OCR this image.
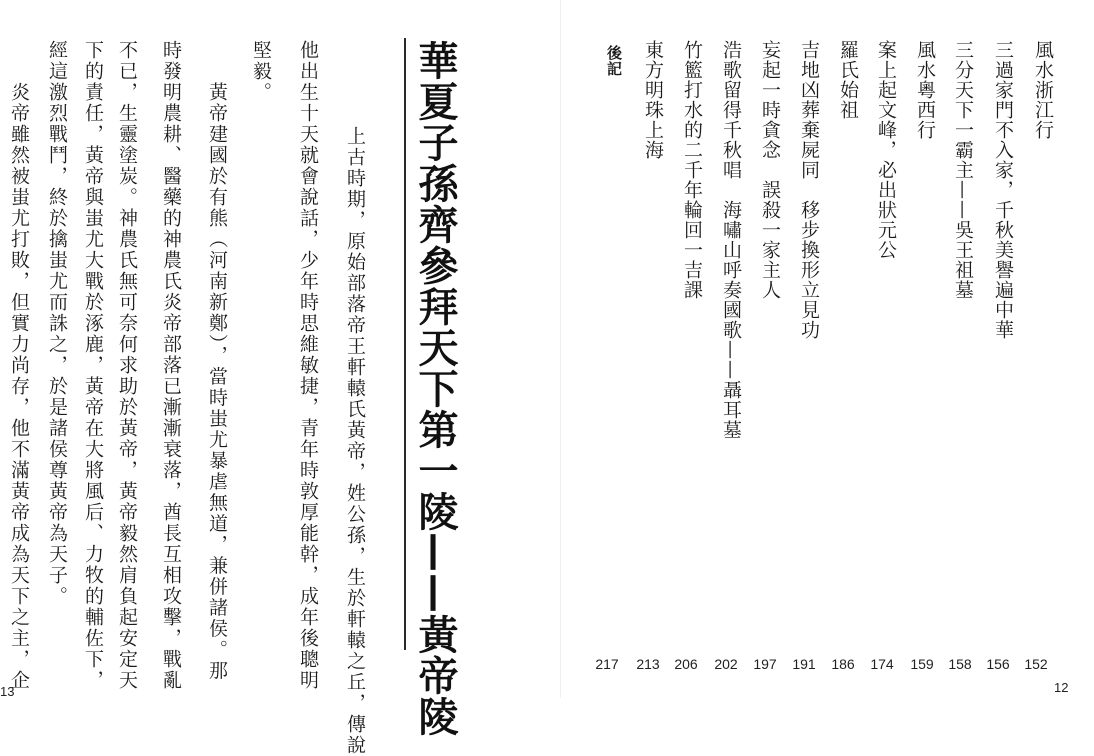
風水浙江行
三過家門不入家，千秋美譽遍中華
三分天下一霸主——吳王祖墓
風水粵西行
案上起文峰，必出狀元公
羅氏始祖
吉地凶葬棄屍同　移步換形立見功
妄起一時貪念　誤殺一家主人
浩歌留得千秋唱　海嘯山呼奏國歌——聶耳墓
竹籃打水的二千年輪回一吉課
東方明珠上海
後記
152
156
158
159
174
186
191
197
202
206
213
217
12
華夏子孫齊參拜天下第一陵——黃帝陵
上古時期，原始部落帝王軒轅氏黃帝，姓公孫，生於軒轅之丘，傳說
他出生十天就會說話，少年時思維敏捷，青年時敦厚能幹，成年後聰明
堅毅。
黃帝建國於有熊（河南新鄭），當時蚩尤暴虐無道，兼併諸侯。那
時發明農耕、醫藥的神農氏炎帝部落已漸漸衰落，酋長互相攻擊，戰亂
不已，生靈塗炭。神農氏無可奈何求助於黃帝，黃帝毅然肩負起安定天
下的責任，黃帝與蚩尤大戰於涿鹿，黃帝在大將風后、力牧的輔佐下，
經這激烈戰鬥，終於擒蚩尤而誅之，於是諸侯尊黃帝為天子。
炎帝雖然被蚩尤打敗，但實力尚存，他不滿黃帝成為天下之主，企
13
